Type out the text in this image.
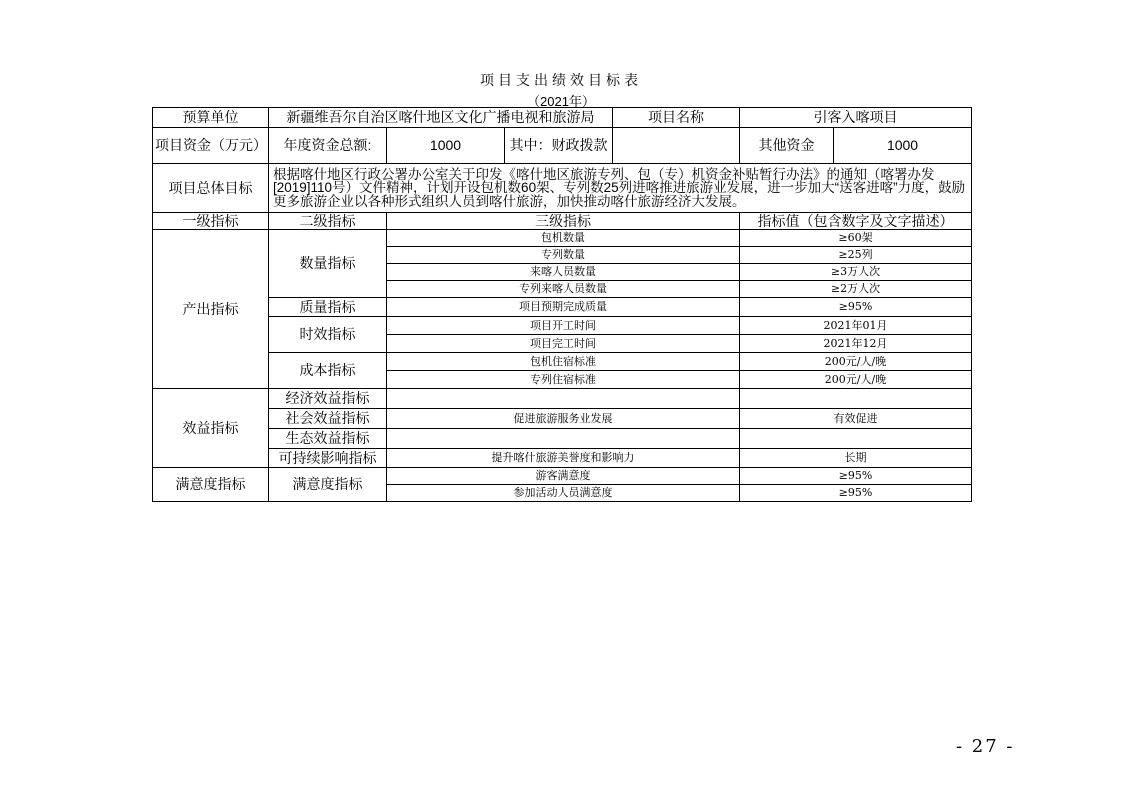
项目支出绩效目标表
（2021年）
预算单位	新疆维吾尔自治区喀什地区文化广播电视和旅游局			项目名称	引客入喀项目	
项目资金（万元）	年度资金总额:	1000	其中：财政拨款		其他资金	1000
项目总体目标	根据喀什地区行政公署办公室关于印发《喀什地区旅游专列、包（专）机资金补贴暂行办法》的通知（喀署办发[2019]110号）文件精神，计划开设包机数60架、专列数25列进喀推进旅游业发展，进一步加大“送客进喀”力度，鼓励更多旅游企业以各种形式组织人员到喀什旅游，加快推动喀什旅游经济大发展。					
一级指标	二级指标	三级指标			指标值（包含数字及文字描述）	
产出指标	数量指标	包机数量			≥60架	
		专列数量			≥25列	
		来喀人员数量			≥3万人次	
		专列来喀人员数量			≥2万人次	
	质量指标	项目预期完成质量			≥95%	
	时效指标	项目开工时间			2021年01月	
		项目完工时间			2021年12月	
	成本指标	包机住宿标准			200元/人/晚	
		专列住宿标准			200元/人/晚	
效益指标	经济效益指标					
	社会效益指标	促进旅游服务业发展			有效促进	
	生态效益指标					
	可持续影响指标	提升喀什旅游美誉度和影响力			长期	
满意度指标	满意度指标	游客满意度			≥95%	
		参加活动人员满意度			≥95%	
- 27 -
